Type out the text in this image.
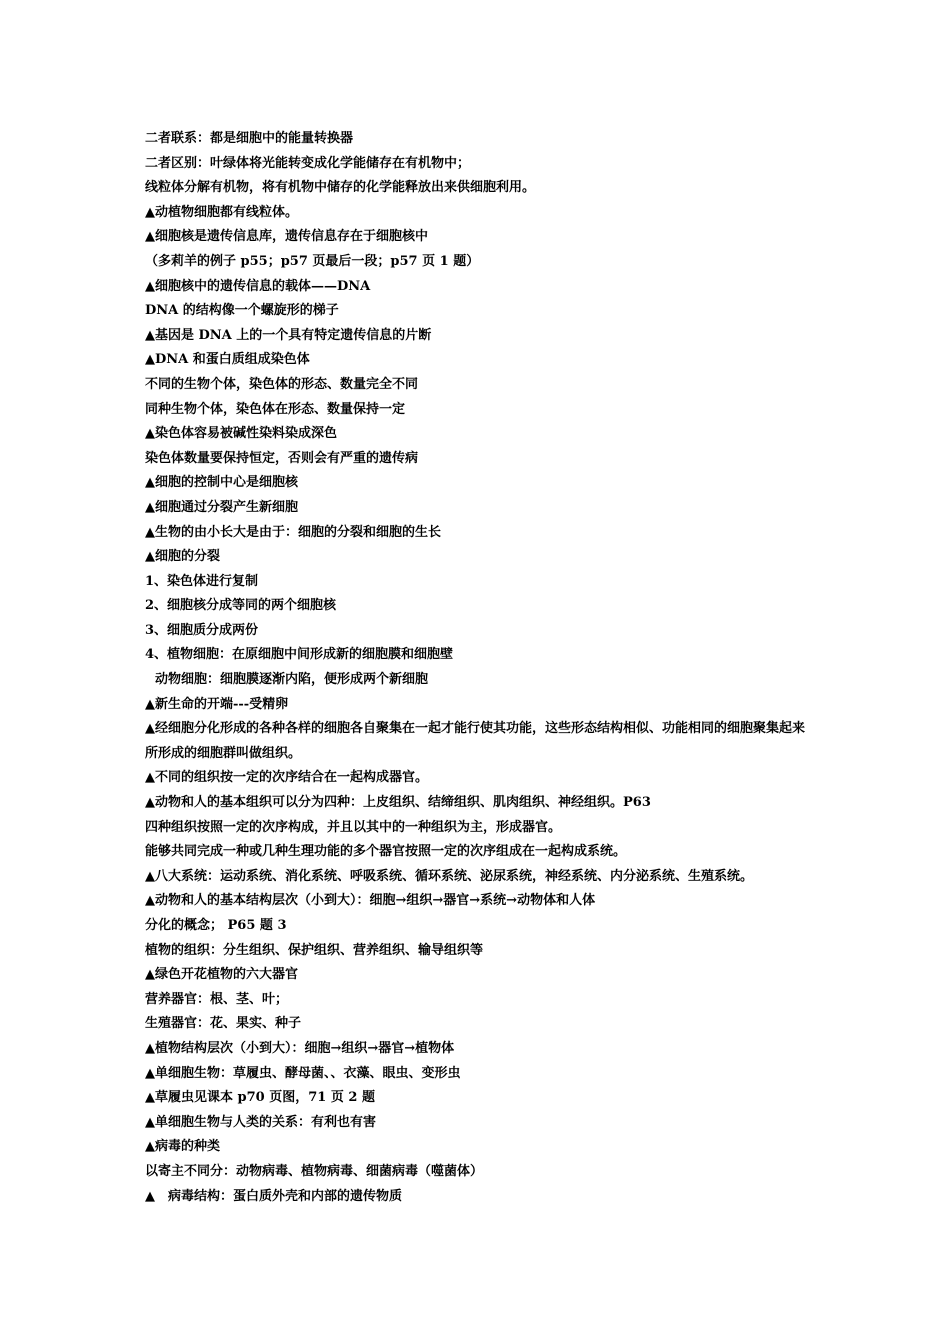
二者联系：都是细胞中的能量转换器
二者区别：叶绿体将光能转变成化学能储存在有机物中；
线粒体分解有机物，将有机物中储存的化学能释放出来供细胞利用。
▲动植物细胞都有线粒体。
▲细胞核是遗传信息库，遗传信息存在于细胞核中
（多莉羊的例子 p55；p57 页最后一段；p57 页 1 题）
▲细胞核中的遗传信息的载体——DNA
DNA 的结构像一个螺旋形的梯子
▲基因是 DNA 上的一个具有特定遗传信息的片断
▲DNA 和蛋白质组成染色体
不同的生物个体，染色体的形态、数量完全不同
同种生物个体，染色体在形态、数量保持一定
▲染色体容易被碱性染料染成深色
染色体数量要保持恒定，否则会有严重的遗传病
▲细胞的控制中心是细胞核
▲细胞通过分裂产生新细胞
▲生物的由小长大是由于：细胞的分裂和细胞的生长
▲细胞的分裂
1、染色体进行复制
2、细胞核分成等同的两个细胞核
3、细胞质分成两份
4、植物细胞：在原细胞中间形成新的细胞膜和细胞壁
动物细胞：细胞膜逐渐内陷，便形成两个新细胞
▲新生命的开端---受精卵
▲经细胞分化形成的各种各样的细胞各自聚集在一起才能行使其功能，这些形态结构相似、功能相同的细胞聚集起来所形成的细胞群叫做组织。
▲不同的组织按一定的次序结合在一起构成器官。
▲动物和人的基本组织可以分为四种：上皮组织、结缔组织、肌肉组织、神经组织。P63
四种组织按照一定的次序构成，并且以其中的一种组织为主，形成器官。
能够共同完成一种或几种生理功能的多个器官按照一定的次序组成在一起构成系统。
▲八大系统：运动系统、消化系统、呼吸系统、循环系统、泌尿系统，神经系统、内分泌系统、生殖系统。
▲动物和人的基本结构层次（小到大）：细胞→组织→器官→系统→动物体和人体
分化的概念； P65 题 3
植物的组织：分生组织、保护组织、营养组织、输导组织等
▲绿色开花植物的六大器官
营养器官：根、茎、叶；
生殖器官：花、果实、种子
▲植物结构层次（小到大）：细胞→组织→器官→植物体
▲单细胞生物：草履虫、酵母菌、、衣藻、眼虫、变形虫
▲草履虫见课本 p70 页图，71 页 2 题
▲单细胞生物与人类的关系：有利也有害
▲病毒的种类
以寄主不同分：动物病毒、植物病毒、细菌病毒（噬菌体）
▲　病毒结构：蛋白质外壳和内部的遗传物质
